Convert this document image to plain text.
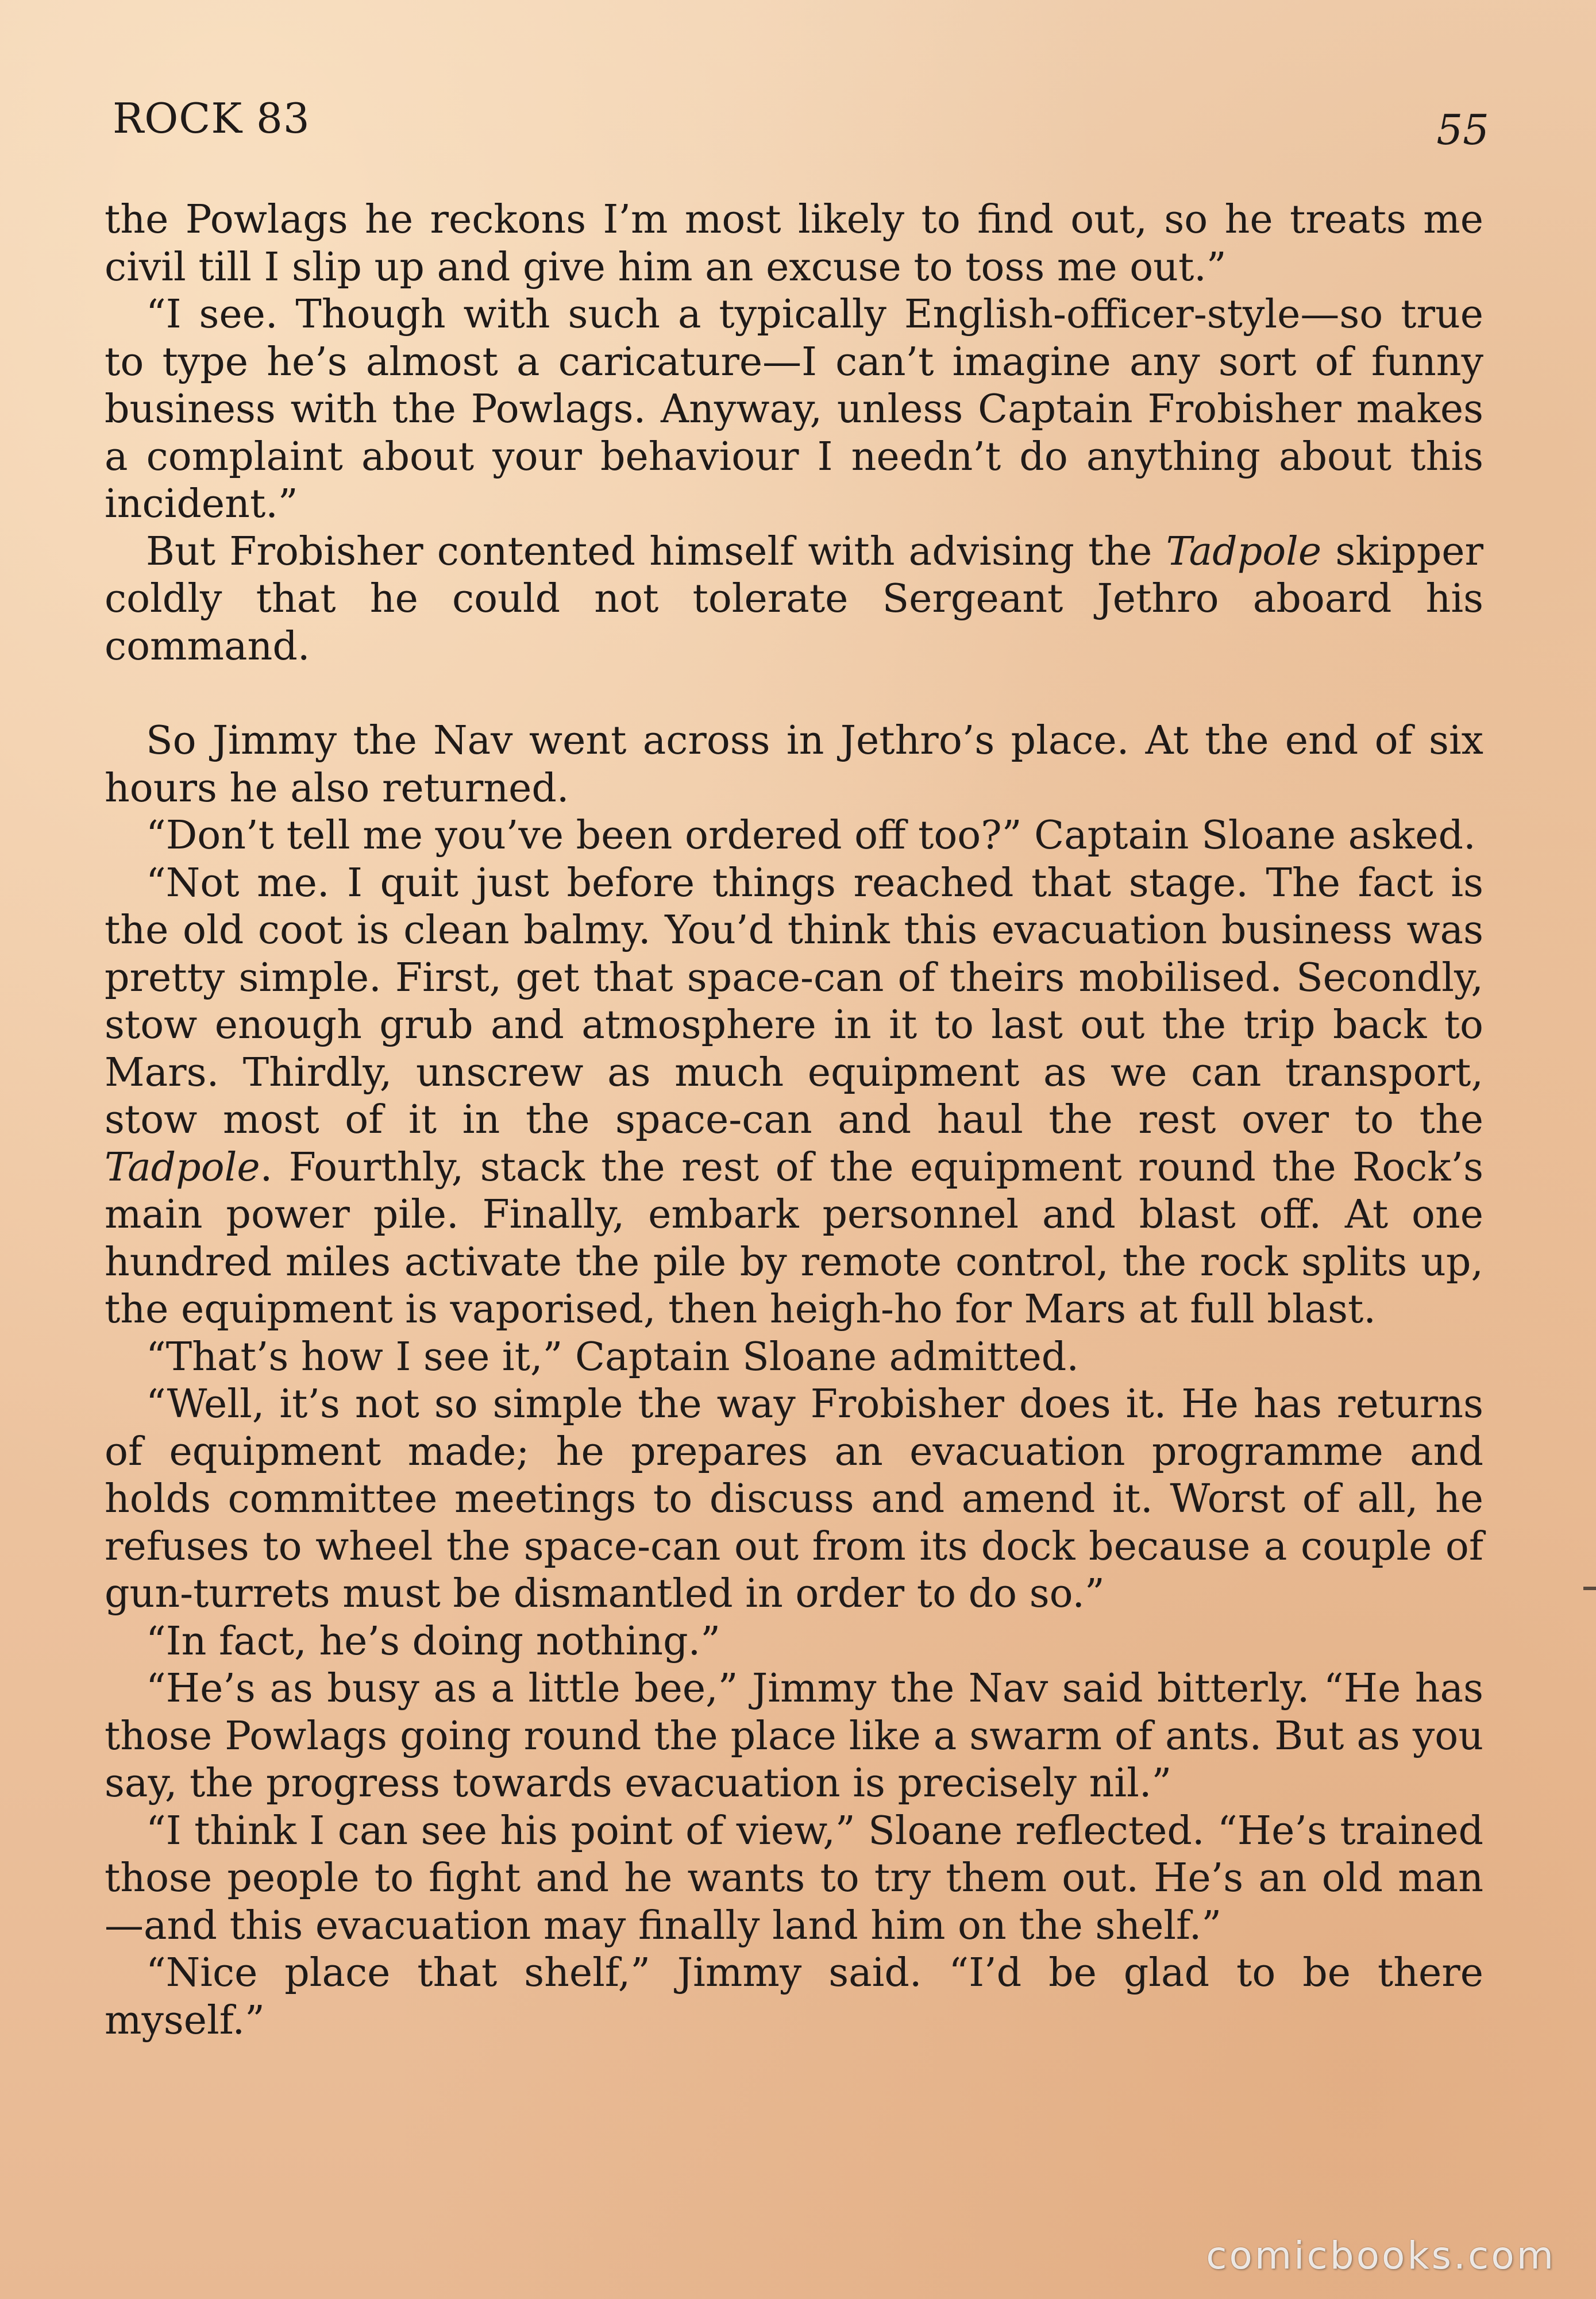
ROCK 83	55

the Powlags he reckons I’m most likely to find out, so he treats me civil till I slip up and give him an excuse to toss me out.”

“I see. Though with such a typically English-officer-style—so true to type he’s almost a caricature—I can’t imagine any sort of funny business with the Powlags. Anyway, unless Captain Frobisher makes a complaint about your behaviour I needn’t do anything about this incident.”

But Frobisher contented himself with advising the Tadpole skipper coldly that he could not tolerate Sergeant Jethro aboard his command.

So Jimmy the Nav went across in Jethro’s place. At the end of six hours he also returned.

“Don’t tell me you’ve been ordered off too?” Captain Sloane asked.

“Not me. I quit just before things reached that stage. The fact is the old coot is clean balmy. You’d think this evacuation business was pretty simple. First, get that space-can of theirs mobilised. Secondly, stow enough grub and atmosphere in it to last out the trip back to Mars. Thirdly, unscrew as much equipment as we can transport, stow most of it in the space-can and haul the rest over to the Tadpole. Fourthly, stack the rest of the equipment round the Rock’s main power pile. Finally, embark personnel and blast off. At one hundred miles activate the pile by remote control, the rock splits up, the equipment is vaporised, then heigh-ho for Mars at full blast.

“That’s how I see it,” Captain Sloane admitted.

“Well, it’s not so simple the way Frobisher does it. He has returns of equipment made; he prepares an evacuation programme and holds committee meetings to discuss and amend it. Worst of all, he refuses to wheel the space-can out from its dock because a couple of gun-turrets must be dismantled in order to do so.”

“In fact, he’s doing nothing.”

“He’s as busy as a little bee,” Jimmy the Nav said bitterly. “He has those Powlags going round the place like a swarm of ants. But as you say, the progress towards evacuation is precisely nil.”

“I think I can see his point of view,” Sloane reflected. “He’s trained those people to fight and he wants to try them out. He’s an old man—and this evacuation may finally land him on the shelf.”

“Nice place that shelf,” Jimmy said. “I’d be glad to be there myself.”

comicbooks.com
